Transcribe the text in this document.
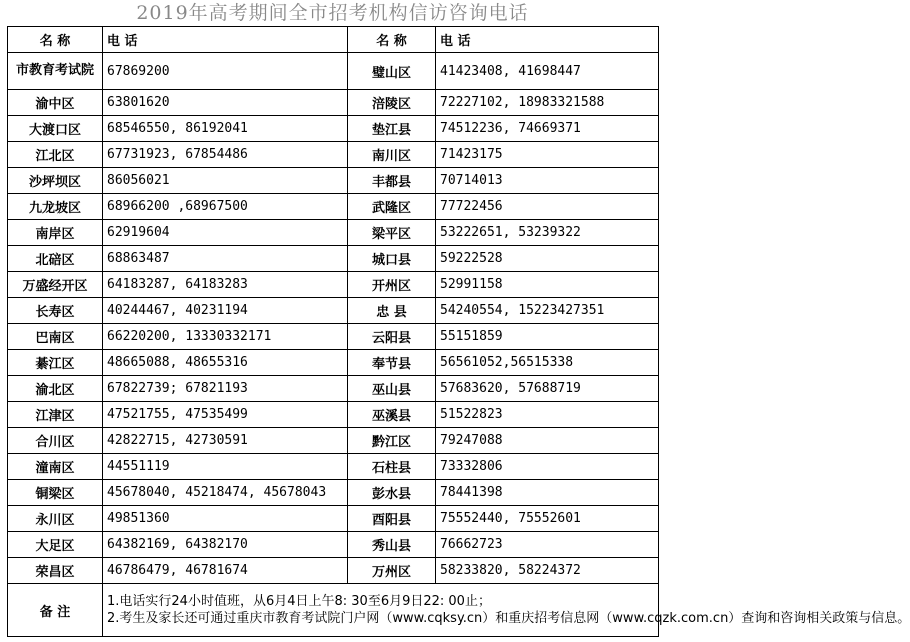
2019年高考期间全市招考机构信访咨询电话
名 称	电 话	名 称	电 话
市教育考试院	67869200	璧山区	41423408, 41698447
渝中区	63801620	涪陵区	72227102, 18983321588
大渡口区	68546550, 86192041	垫江县	74512236, 74669371
江北区	67731923, 67854486	南川区	71423175
沙坪坝区	86056021	丰都县	70714013
九龙坡区	68966200 ,68967500	武隆区	77722456
南岸区	62919604	梁平区	53222651, 53239322
北碚区	68863487	城口县	59222528
万盛经开区	64183287, 64183283	开州区	52991158
长寿区	40244467, 40231194	忠 县	54240554, 15223427351
巴南区	66220200, 13330332171	云阳县	55151859
綦江区	48665088, 48655316	奉节县	56561052,56515338
渝北区	67822739; 67821193	巫山县	57683620, 57688719
江津区	47521755, 47535499	巫溪县	51522823
合川区	42822715, 42730591	黔江区	79247088
潼南区	44551119	石柱县	73332806
铜梁区	45678040, 45218474, 45678043	彭水县	78441398
永川区	49851360	酉阳县	75552440, 75552601
大足区	64382169, 64382170	秀山县	76662723
荣昌区	46786479, 46781674	万州区	58233820, 58224372
备 注	1.电话实行24小时值班，从6月4日上午8: 30至6月9日22: 00止；
2.考生及家长还可通过重庆市教育考试院门户网（www.cqksy.cn）和重庆招考信息网（www.cqzk.com.cn）查询和咨询相关政策与信息。		
